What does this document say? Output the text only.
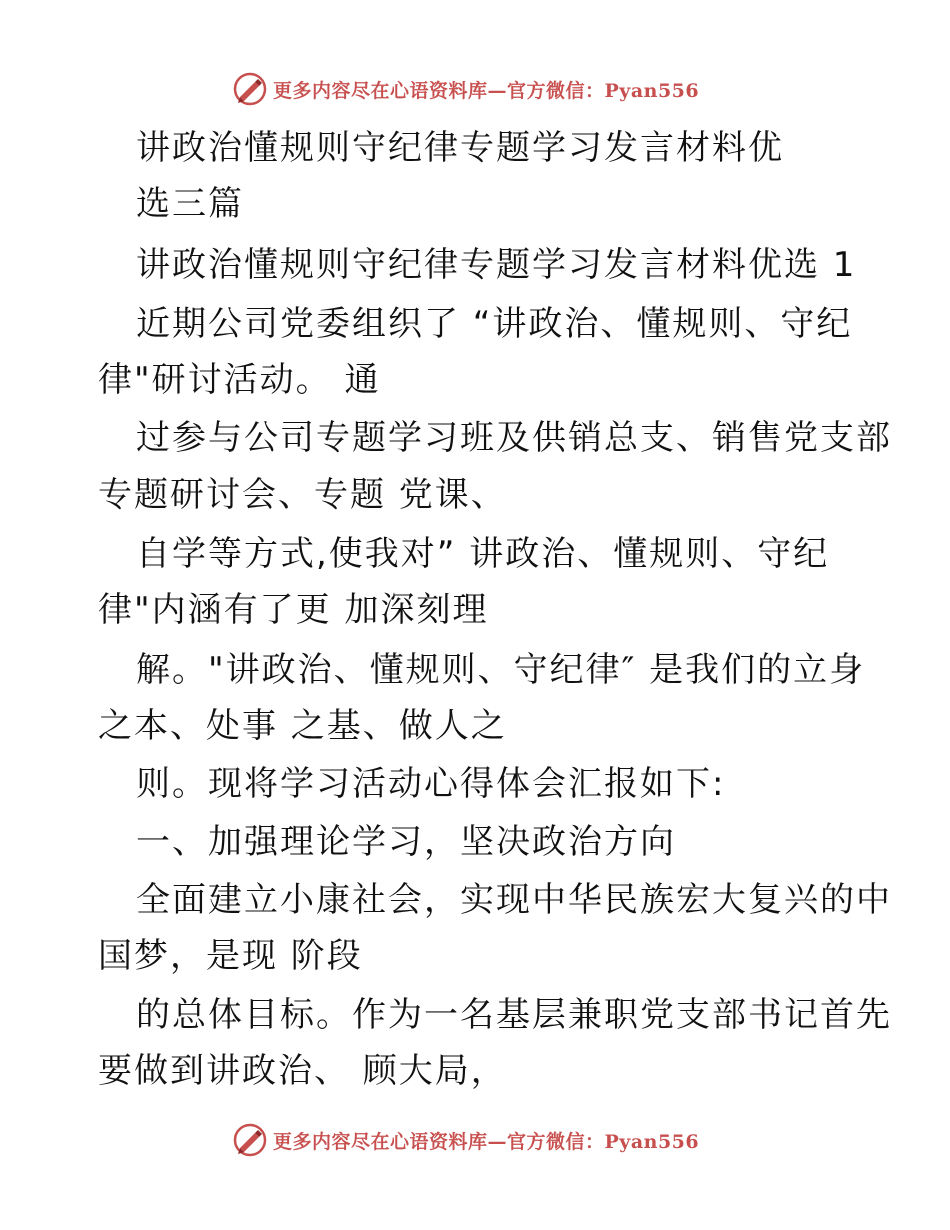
更多内容尽在心语资料库—官方微信：Pyan556
讲政治懂规则守纪律专题学习发言材料优
选三篇
讲政治懂规则守纪律专题学习发言材料优选 1
近期公司党委组织了 “讲政治、懂规则、守纪
律"研讨活动。 通
过参与公司专题学习班及供销总支、销售党支部
专题研讨会、专题 党课、
自学等方式,使我对” 讲政治、懂规则、守纪
律"内涵有了更 加深刻理
解。"讲政治、懂规则、守纪律″ 是我们的立身
之本、处事 之基、做人之
则。现将学习活动心得体会汇报如下:
一、加强理论学习，坚决政治方向
全面建立小康社会，实现中华民族宏大复兴的中
国梦，是现 阶段
的总体目标。作为一名基层兼职党支部书记首先
要做到讲政治、 顾大局，
更多内容尽在心语资料库—官方微信：Pyan556
